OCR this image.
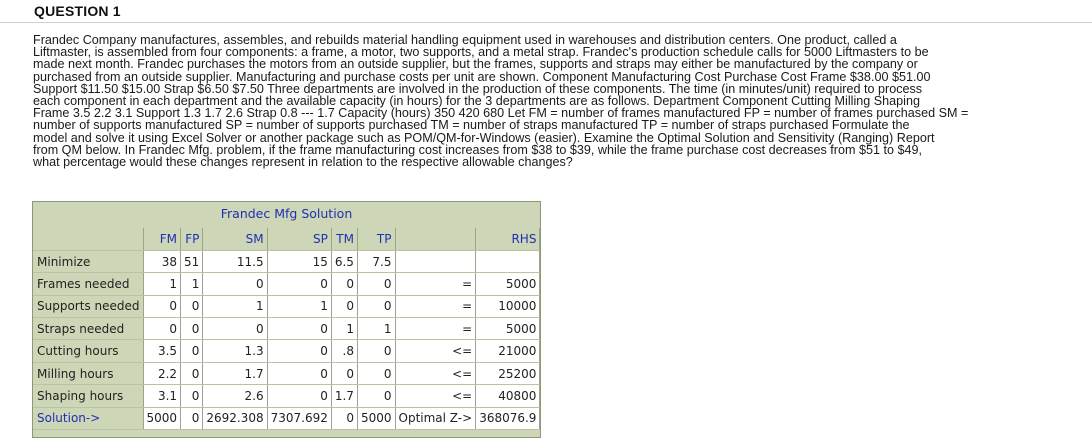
QUESTION 1
Frandec Company manufactures, assembles, and rebuilds material handling equipment used in warehouses and distribution centers. One product, called a
Liftmaster, is assembled from four components: a frame, a motor, two supports, and a metal strap. Frandec's production schedule calls for 5000 Liftmasters to be
made next month. Frandec purchases the motors from an outside supplier, but the frames, supports and straps may either be manufactured by the company or
purchased from an outside supplier. Manufacturing and purchase costs per unit are shown. Component Manufacturing Cost Purchase Cost Frame $38.00 $51.00
Support $11.50 $15.00 Strap $6.50 $7.50 Three departments are involved in the production of these components. The time (in minutes/unit) required to process
each component in each department and the available capacity (in hours) for the 3 departments are as follows. Department Component Cutting Milling Shaping
Frame 3.5 2.2 3.1 Support 1.3 1.7 2.6 Strap 0.8 --- 1.7 Capacity (hours) 350 420 680 Let FM = number of frames manufactured FP = number of frames purchased SM =
number of supports manufactured SP = number of supports purchased TM = number of straps manufactured TP = number of straps purchased Formulate the
model and solve it using Excel Solver or another package such as POM/QM-for-Windows (easier). Examine the Optimal Solution and Sensitivity (Ranging) Report
from QM below. In Frandec Mfg. problem, if the frame manufacturing cost increases from $38 to $39, while the frame purchase cost decreases from $51 to $49,
what percentage would these changes represent in relation to the respective allowable changes?
Frandec Mfg Solution
	FM	FP	SM	SP	TM	TP		RHS
Minimize	38	51	11.5	15	6.5	7.5		
Frames needed	1	1	0	0	0	0	=	5000
Supports needed	0	0	1	1	0	0	=	10000
Straps needed	0	0	0	0	1	1	=	5000
Cutting hours	3.5	0	1.3	0	.8	0	<=	21000
Milling hours	2.2	0	1.7	0	0	0	<=	25200
Shaping hours	3.1	0	2.6	0	1.7	0	<=	40800
Solution->	5000	0	2692.308	7307.692	0	5000	Optimal Z->	368076.9
